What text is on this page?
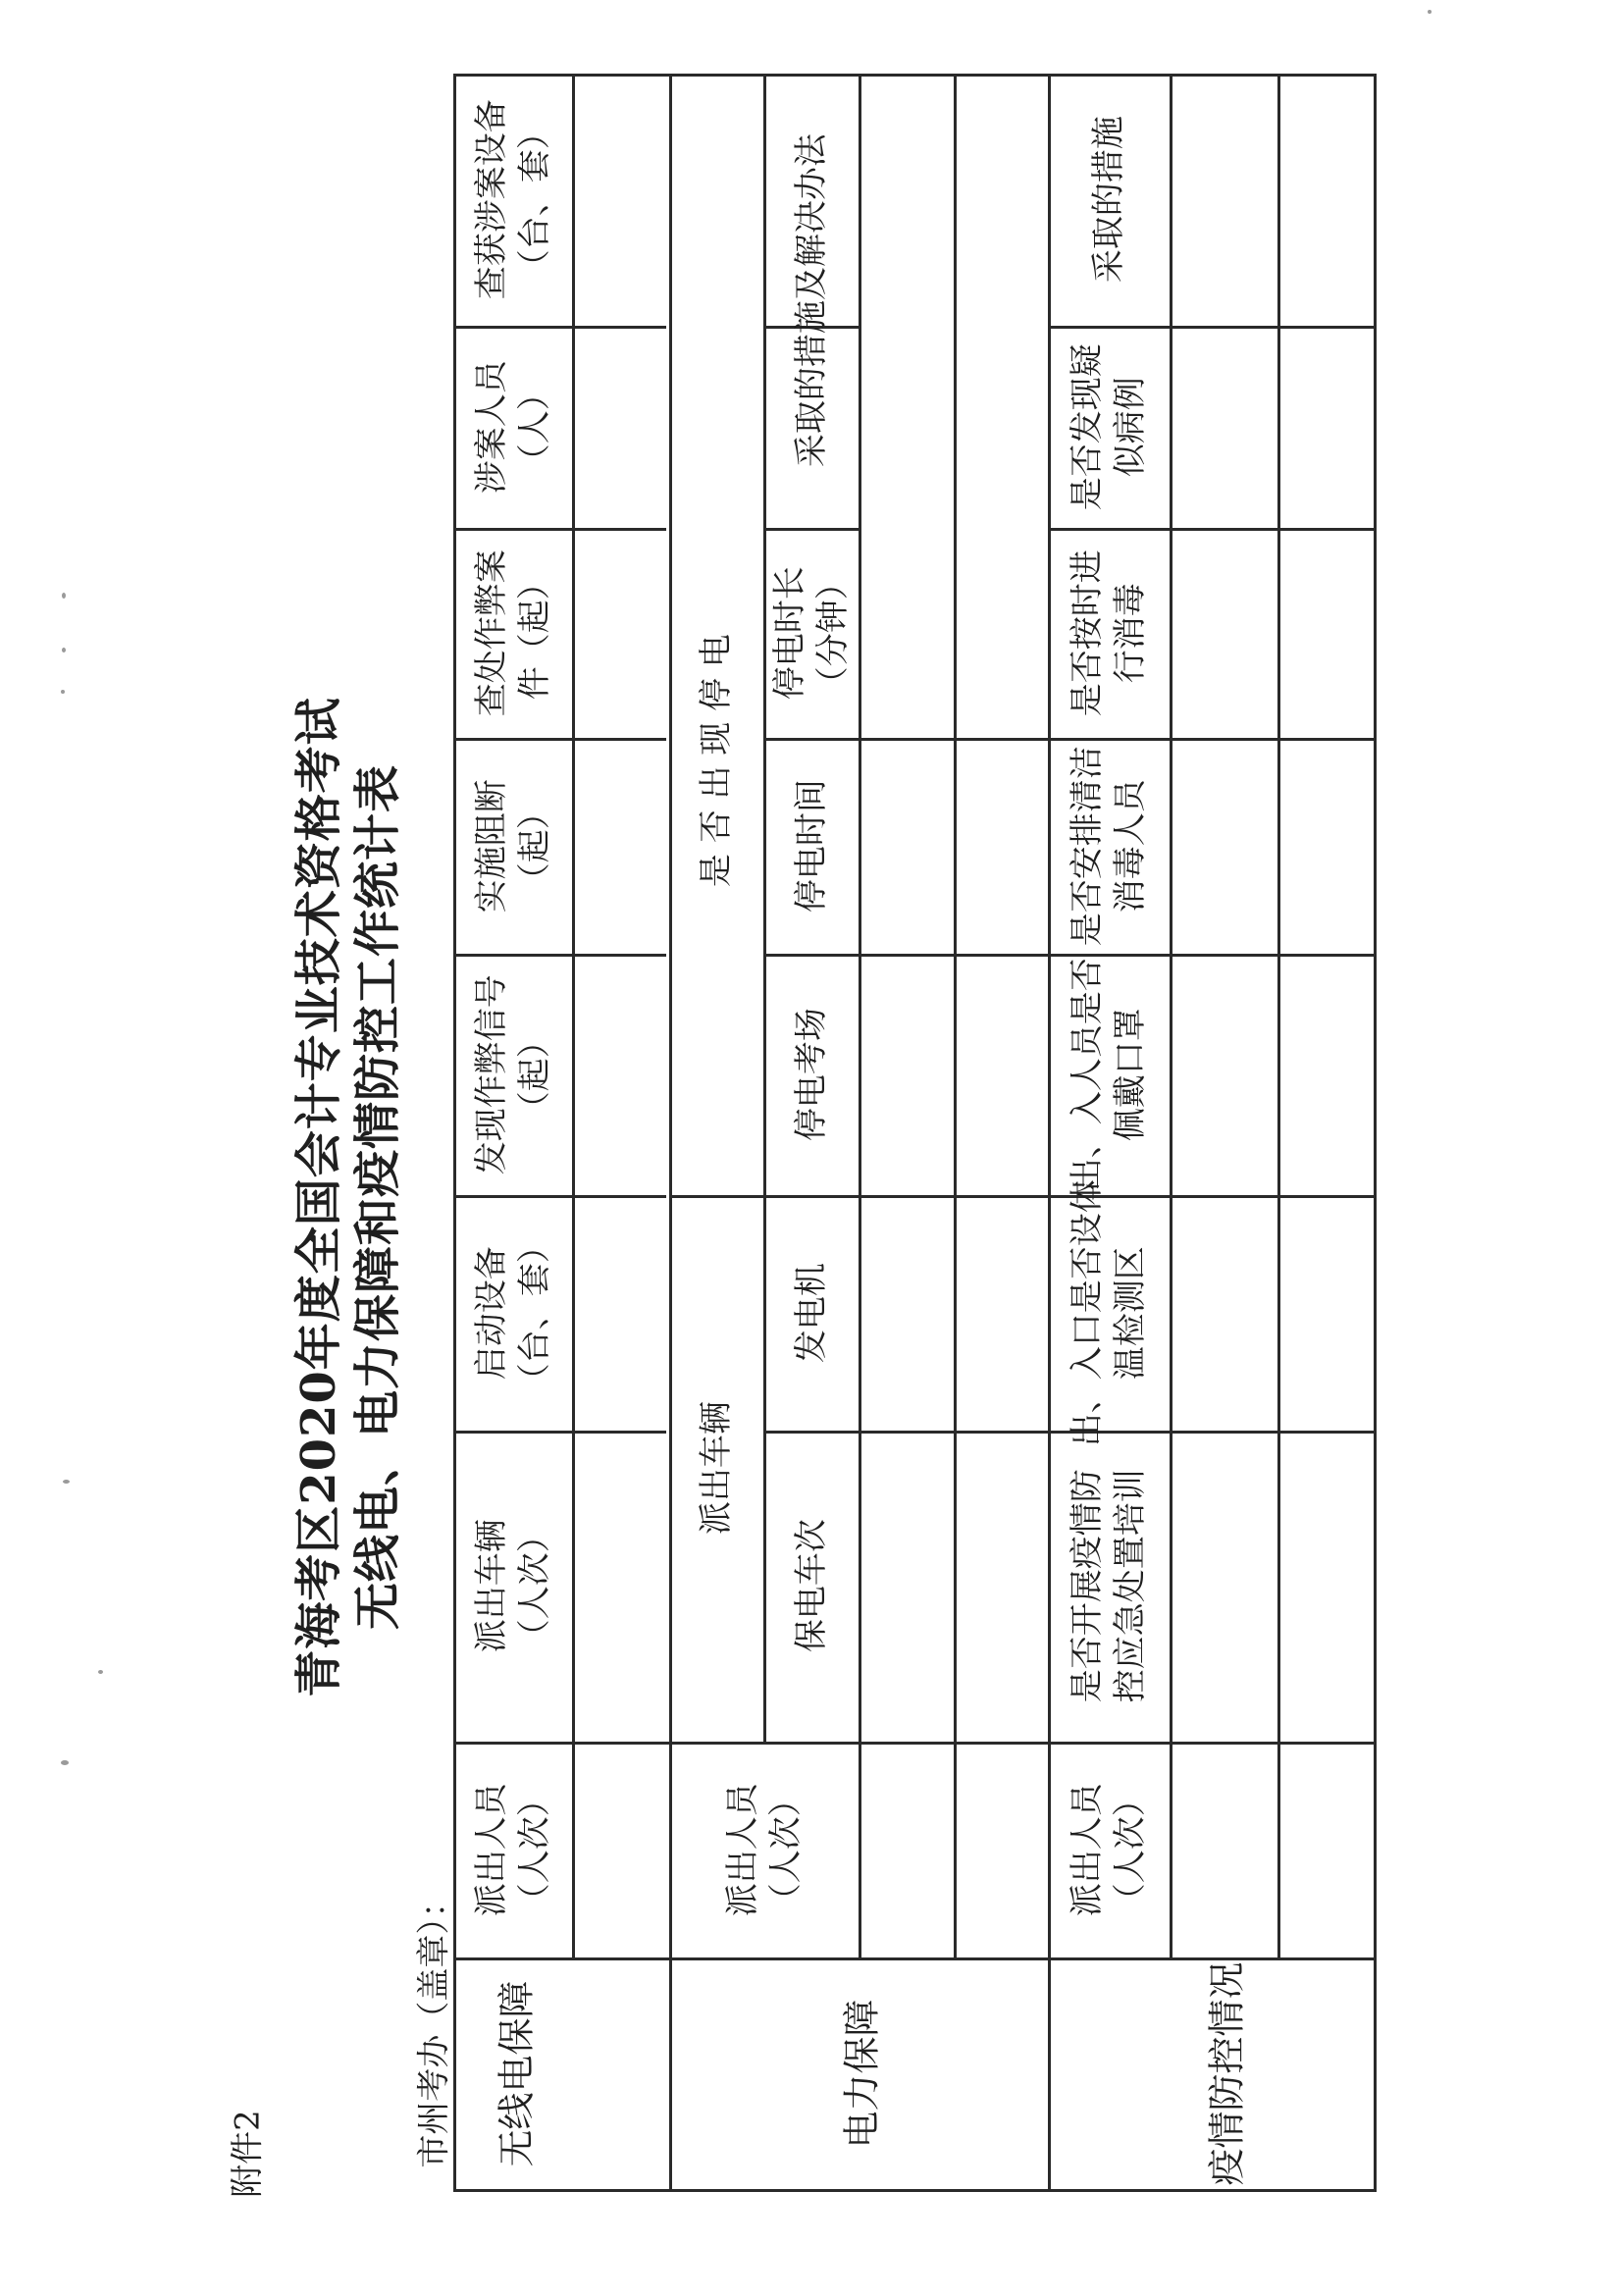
附件2	市州考办（盖章）：
青海考区2020年度全国会计专业技术资格考试
无线电、电力保障和疫情防控工作统计表
无线电保障
派出人员
（人次）
派出车辆
（人次）
启动设备
（台、套）
发现作弊信号
（起）
实施阻断
（起）
查处作弊案
件（起）
涉案人员
（人）
查获涉案设备
（台、套）
电力保障
派出人员
（人次）
派出车辆
是 否 出 现 停 电
保电车次
发电机
停电考场
停电时间
停电时长
（分钟）
采取的措施及解决办法
疫情防控情况
派出人员
（人次）
是否开展疫情防
控应急处置培训
出、入口是否设体
温检测区
出、入人员是否
佩戴口罩
是否安排清洁
消毒人员
是否按时进
行消毒
是否发现疑
似病例
采取的措施
